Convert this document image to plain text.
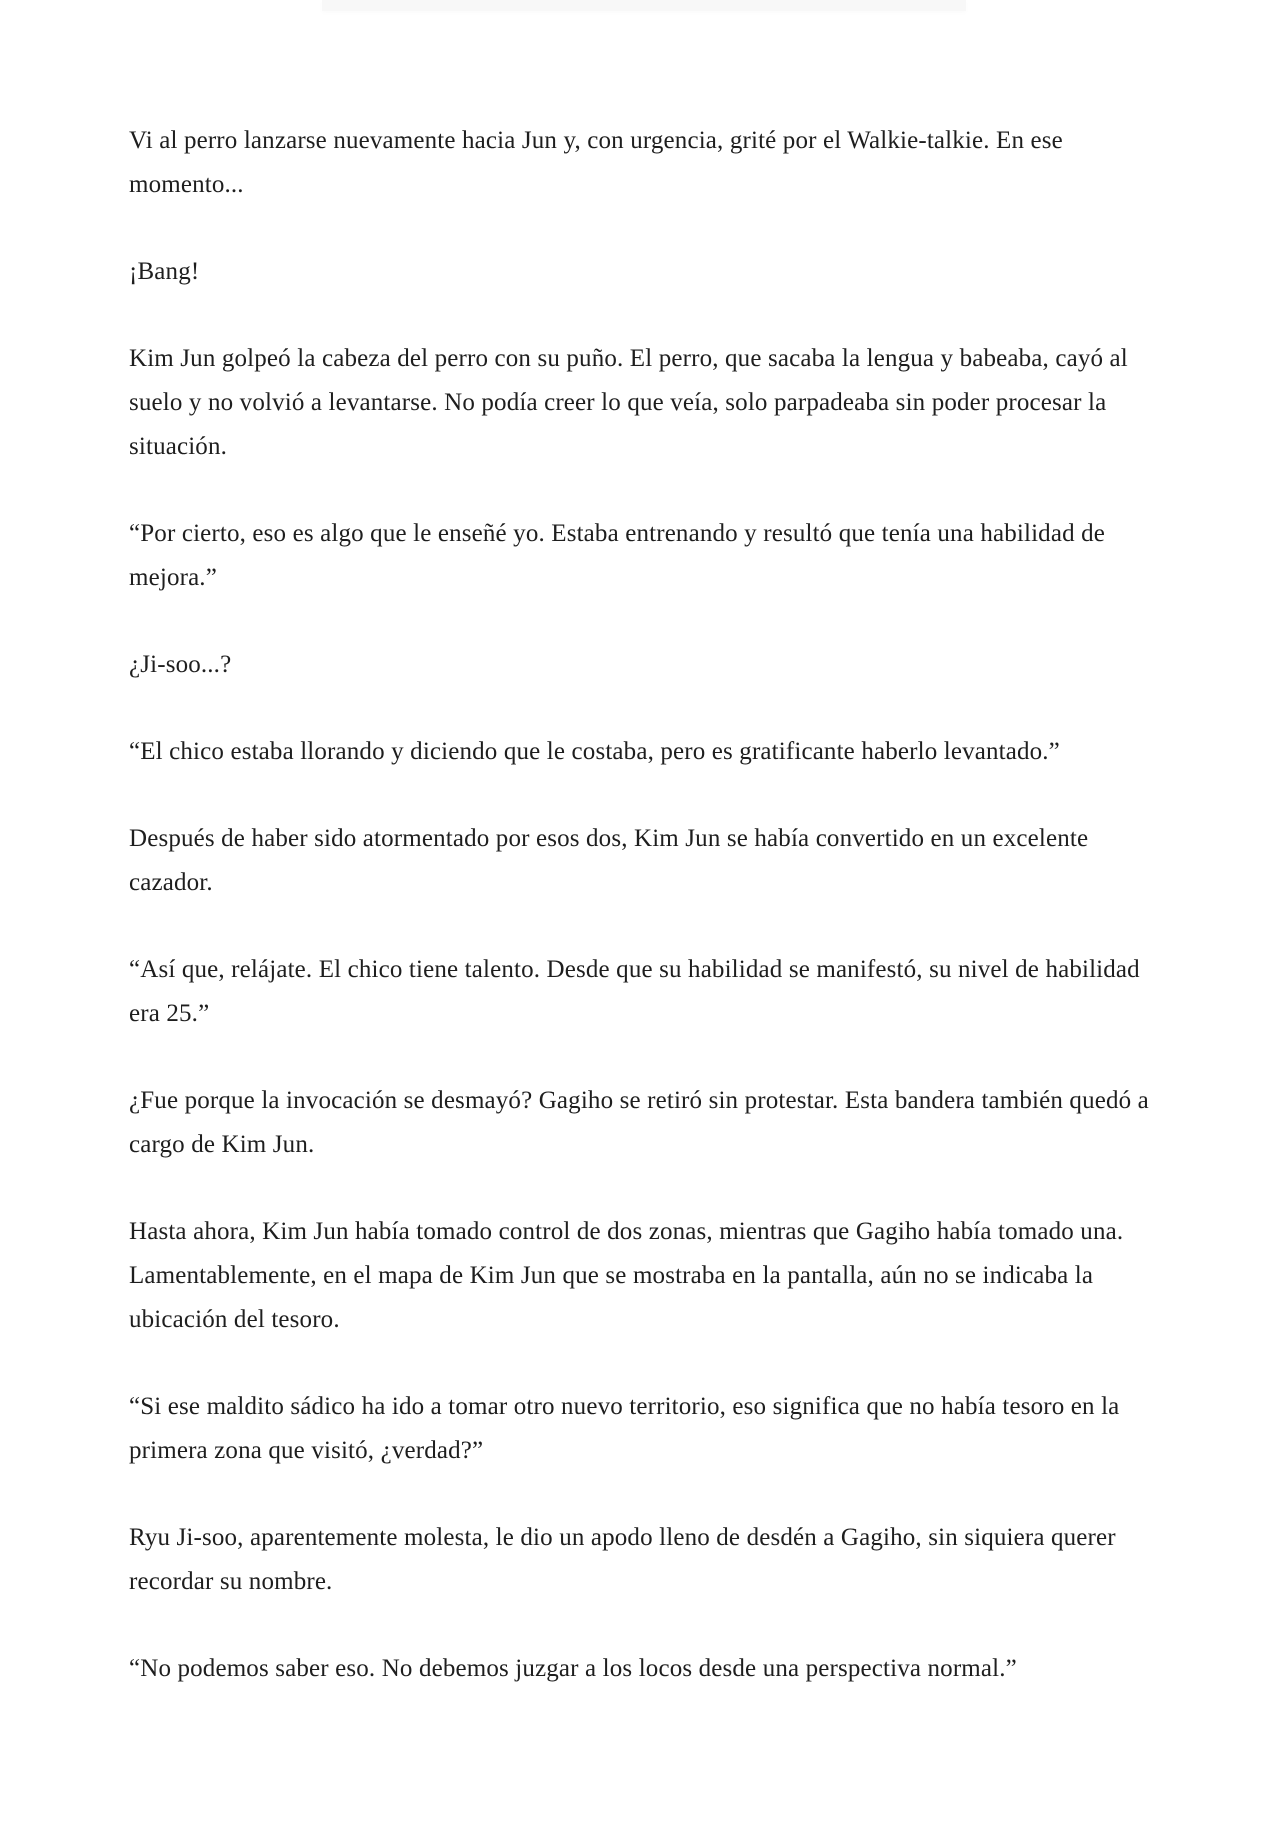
Vi al perro lanzarse nuevamente hacia Jun y, con urgencia, grité por el Walkie-talkie. En ese momento...

¡Bang!

Kim Jun golpeó la cabeza del perro con su puño. El perro, que sacaba la lengua y babeaba, cayó al suelo y no volvió a levantarse. No podía creer lo que veía, solo parpadeaba sin poder procesar la situación.

“Por cierto, eso es algo que le enseñé yo. Estaba entrenando y resultó que tenía una habilidad de mejora.”

¿Ji-soo...?

“El chico estaba llorando y diciendo que le costaba, pero es gratificante haberlo levantado.”

Después de haber sido atormentado por esos dos, Kim Jun se había convertido en un excelente cazador.

“Así que, relájate. El chico tiene talento. Desde que su habilidad se manifestó, su nivel de habilidad era 25.”

¿Fue porque la invocación se desmayó? Gagiho se retiró sin protestar. Esta bandera también quedó a cargo de Kim Jun.

Hasta ahora, Kim Jun había tomado control de dos zonas, mientras que Gagiho había tomado una. Lamentablemente, en el mapa de Kim Jun que se mostraba en la pantalla, aún no se indicaba la ubicación del tesoro.

“Si ese maldito sádico ha ido a tomar otro nuevo territorio, eso significa que no había tesoro en la primera zona que visitó, ¿verdad?”

Ryu Ji-soo, aparentemente molesta, le dio un apodo lleno de desdén a Gagiho, sin siquiera querer recordar su nombre.

“No podemos saber eso. No debemos juzgar a los locos desde una perspectiva normal.”
